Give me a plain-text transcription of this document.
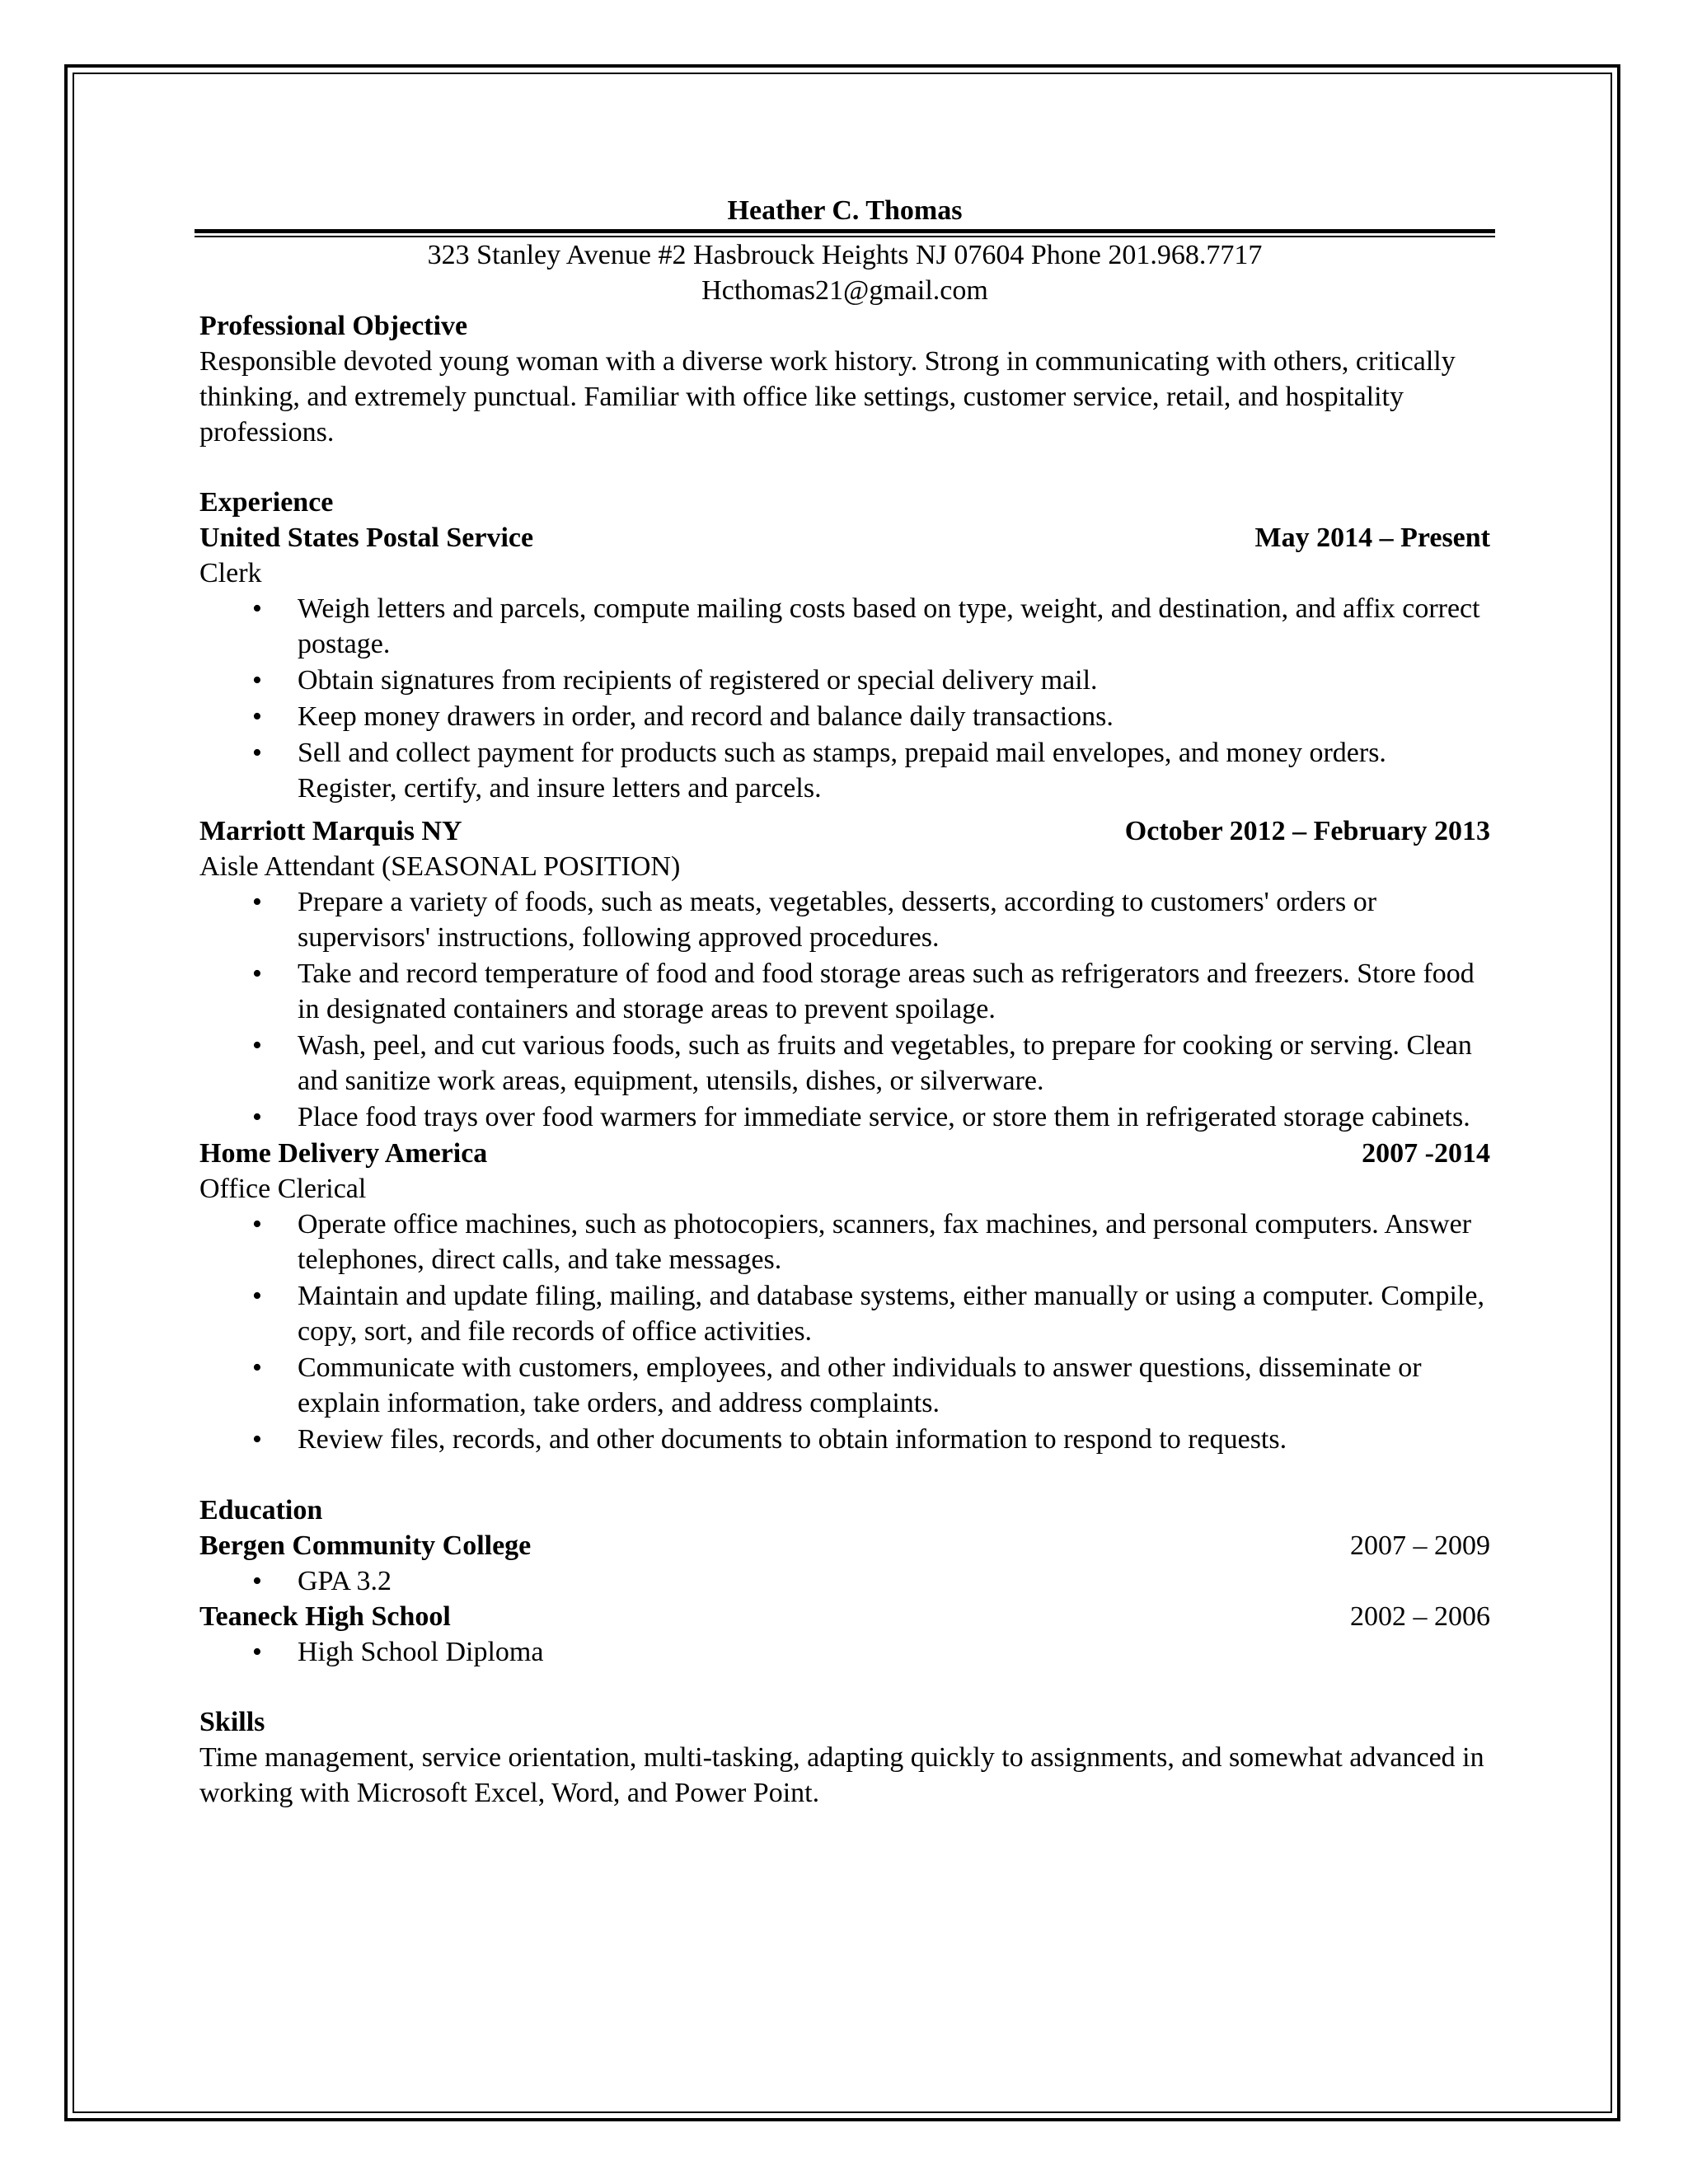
Heather C. Thomas
323 Stanley Avenue #2 Hasbrouck Heights NJ 07604 Phone 201.968.7717
Hcthomas21@gmail.com
Professional Objective
Responsible devoted young woman with a diverse work history. Strong in communicating with others, critically thinking, and extremely punctual. Familiar with office like settings, customer service, retail, and hospitality professions.
Experience
United States Postal Service	May 2014 – Present
Clerk
• Weigh letters and parcels, compute mailing costs based on type, weight, and destination, and affix correct postage.
• Obtain signatures from recipients of registered or special delivery mail.
• Keep money drawers in order, and record and balance daily transactions.
• Sell and collect payment for products such as stamps, prepaid mail envelopes, and money orders. Register, certify, and insure letters and parcels.
Marriott Marquis NY	October 2012 – February 2013
Aisle Attendant (SEASONAL POSITION)
• Prepare a variety of foods, such as meats, vegetables, desserts, according to customers' orders or supervisors' instructions, following approved procedures.
• Take and record temperature of food and food storage areas such as refrigerators and freezers. Store food in designated containers and storage areas to prevent spoilage.
• Wash, peel, and cut various foods, such as fruits and vegetables, to prepare for cooking or serving. Clean and sanitize work areas, equipment, utensils, dishes, or silverware.
• Place food trays over food warmers for immediate service, or store them in refrigerated storage cabinets.
Home Delivery America	2007 -2014
Office Clerical
• Operate office machines, such as photocopiers, scanners, fax machines, and personal computers. Answer telephones, direct calls, and take messages.
• Maintain and update filing, mailing, and database systems, either manually or using a computer. Compile, copy, sort, and file records of office activities.
• Communicate with customers, employees, and other individuals to answer questions, disseminate or explain information, take orders, and address complaints.
• Review files, records, and other documents to obtain information to respond to requests.
Education
Bergen Community College	2007 – 2009
• GPA 3.2
Teaneck High School	2002 – 2006
• High School Diploma
Skills
Time management, service orientation, multi-tasking, adapting quickly to assignments, and somewhat advanced in working with Microsoft Excel, Word, and Power Point.
